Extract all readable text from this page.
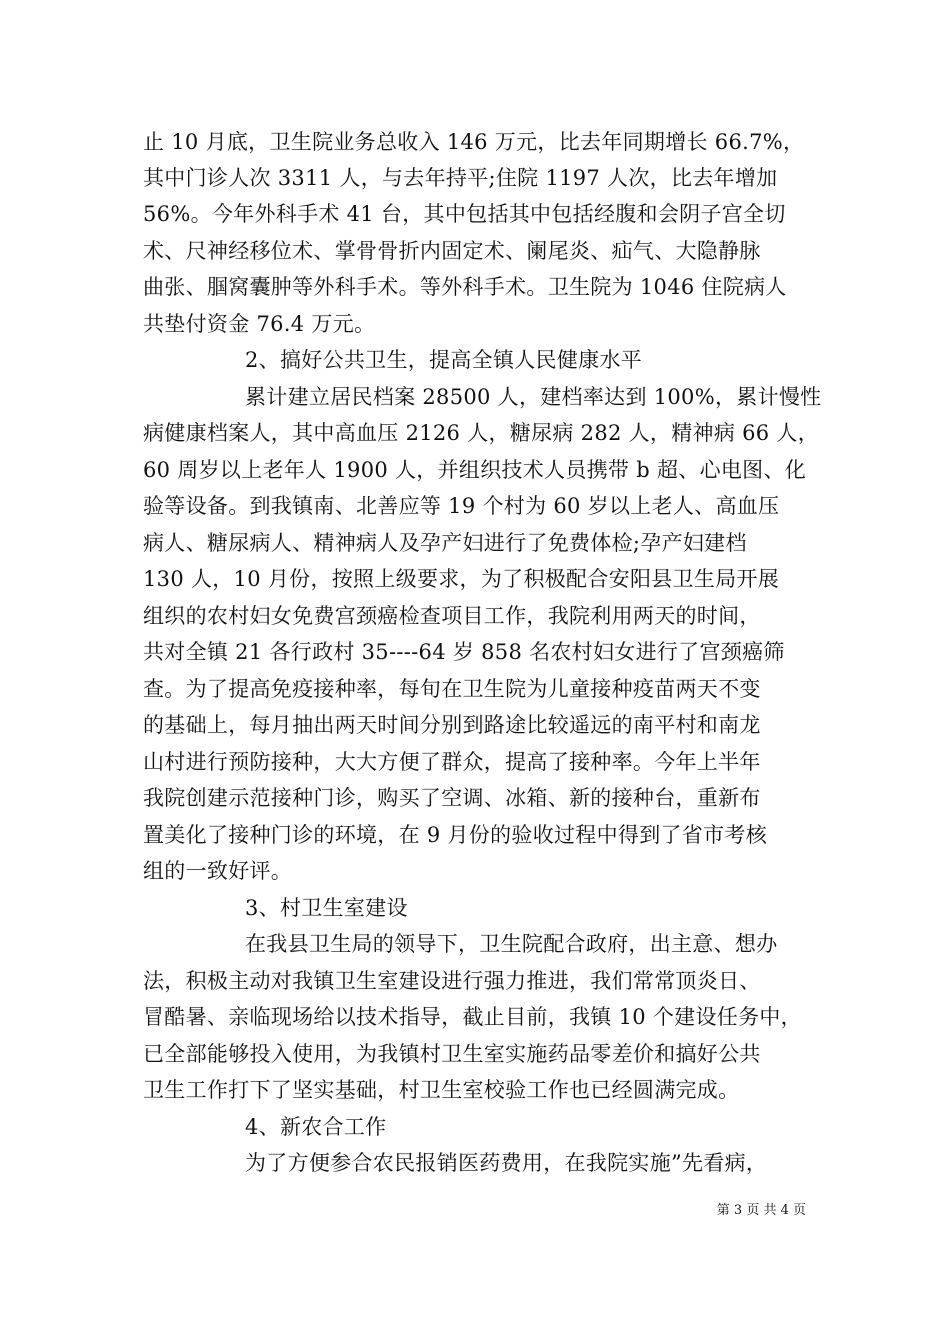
止 10 月底，卫生院业务总收入 146 万元，比去年同期增长 66.7%，
其中门诊人次 3311 人，与去年持平;住院 1197 人次，比去年增加
56%。今年外科手术 41 台，其中包括其中包括经腹和会阴子宫全切
术、尺神经移位术、掌骨骨折内固定术、阑尾炎、疝气、大隐静脉
曲张、腘窝囊肿等外科手术。等外科手术。卫生院为 1046 住院病人
共垫付资金 76.4 万元。
2、搞好公共卫生，提高全镇人民健康水平
累计建立居民档案 28500 人，建档率达到 100%，累计慢性
病健康档案人，其中高血压 2126 人，糖尿病 282 人，精神病 66 人，
60 周岁以上老年人 1900 人，并组织技术人员携带 b 超、心电图、化
验等设备。到我镇南、北善应等 19 个村为 60 岁以上老人、高血压
病人、糖尿病人、精神病人及孕产妇进行了免费体检;孕产妇建档
130 人，10 月份，按照上级要求，为了积极配合安阳县卫生局开展
组织的农村妇女免费宫颈癌检查项目工作，我院利用两天的时间，
共对全镇 21 各行政村 35----64 岁 858 名农村妇女进行了宫颈癌筛
查。为了提高免疫接种率，每旬在卫生院为儿童接种疫苗两天不变
的基础上，每月抽出两天时间分别到路途比较遥远的南平村和南龙
山村进行预防接种，大大方便了群众，提高了接种率。今年上半年
我院创建示范接种门诊，购买了空调、冰箱、新的接种台，重新布
置美化了接种门诊的环境，在 9 月份的验收过程中得到了省市考核
组的一致好评。
3、村卫生室建设
在我县卫生局的领导下，卫生院配合政府，出主意、想办
法，积极主动对我镇卫生室建设进行强力推进，我们常常顶炎日、
冒酷暑、亲临现场给以技术指导，截止目前，我镇 10 个建设任务中，
已全部能够投入使用，为我镇村卫生室实施药品零差价和搞好公共
卫生工作打下了坚实基础，村卫生室校验工作也已经圆满完成。
4、新农合工作
为了方便参合农民报销医药费用，在我院实施”先看病，
第 3 页 共 4 页
